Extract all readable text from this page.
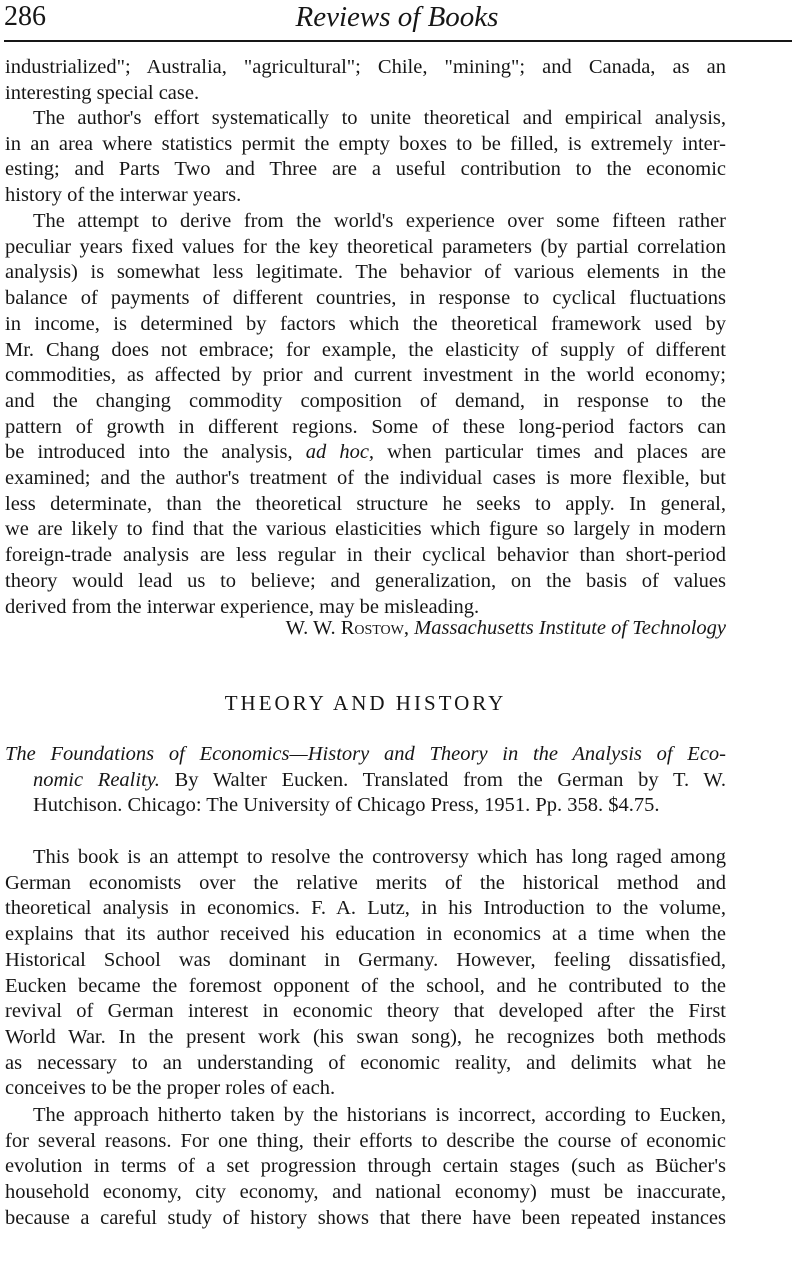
286	Reviews of Books
industrialized"; Australia, "agricultural"; Chile, "mining"; and Canada, as an
interesting special case.
The author's effort systematically to unite theoretical and empirical analysis,
in an area where statistics permit the empty boxes to be filled, is extremely inter-
esting; and Parts Two and Three are a useful contribution to the economic
history of the interwar years.
The attempt to derive from the world's experience over some fifteen rather
peculiar years fixed values for the key theoretical parameters (by partial correlation
analysis) is somewhat less legitimate. The behavior of various elements in the
balance of payments of different countries, in response to cyclical fluctuations
in income, is determined by factors which the theoretical framework used by
Mr. Chang does not embrace; for example, the elasticity of supply of different
commodities, as affected by prior and current investment in the world economy;
and the changing commodity composition of demand, in response to the
pattern of growth in different regions. Some of these long-period factors can
be introduced into the analysis, ad hoc, when particular times and places are
examined; and the author's treatment of the individual cases is more flexible, but
less determinate, than the theoretical structure he seeks to apply. In general,
we are likely to find that the various elasticities which figure so largely in modern
foreign-trade analysis are less regular in their cyclical behavior than short-period
theory would lead us to believe; and generalization, on the basis of values
derived from the interwar experience, may be misleading.
W. W. Rostow, Massachusetts Institute of Technology
THEORY AND HISTORY
The Foundations of Economics—History and Theory in the Analysis of Eco-
nomic Reality. By Walter Eucken. Translated from the German by T. W.
Hutchison. Chicago: The University of Chicago Press, 1951. Pp. 358. $4.75.
This book is an attempt to resolve the controversy which has long raged among
German economists over the relative merits of the historical method and
theoretical analysis in economics. F. A. Lutz, in his Introduction to the volume,
explains that its author received his education in economics at a time when the
Historical School was dominant in Germany. However, feeling dissatisfied,
Eucken became the foremost opponent of the school, and he contributed to the
revival of German interest in economic theory that developed after the First
World War. In the present work (his swan song), he recognizes both methods
as necessary to an understanding of economic reality, and delimits what he
conceives to be the proper roles of each.
The approach hitherto taken by the historians is incorrect, according to Eucken,
for several reasons. For one thing, their efforts to describe the course of economic
evolution in terms of a set progression through certain stages (such as Bücher's
household economy, city economy, and national economy) must be inaccurate,
because a careful study of history shows that there have been repeated instances
